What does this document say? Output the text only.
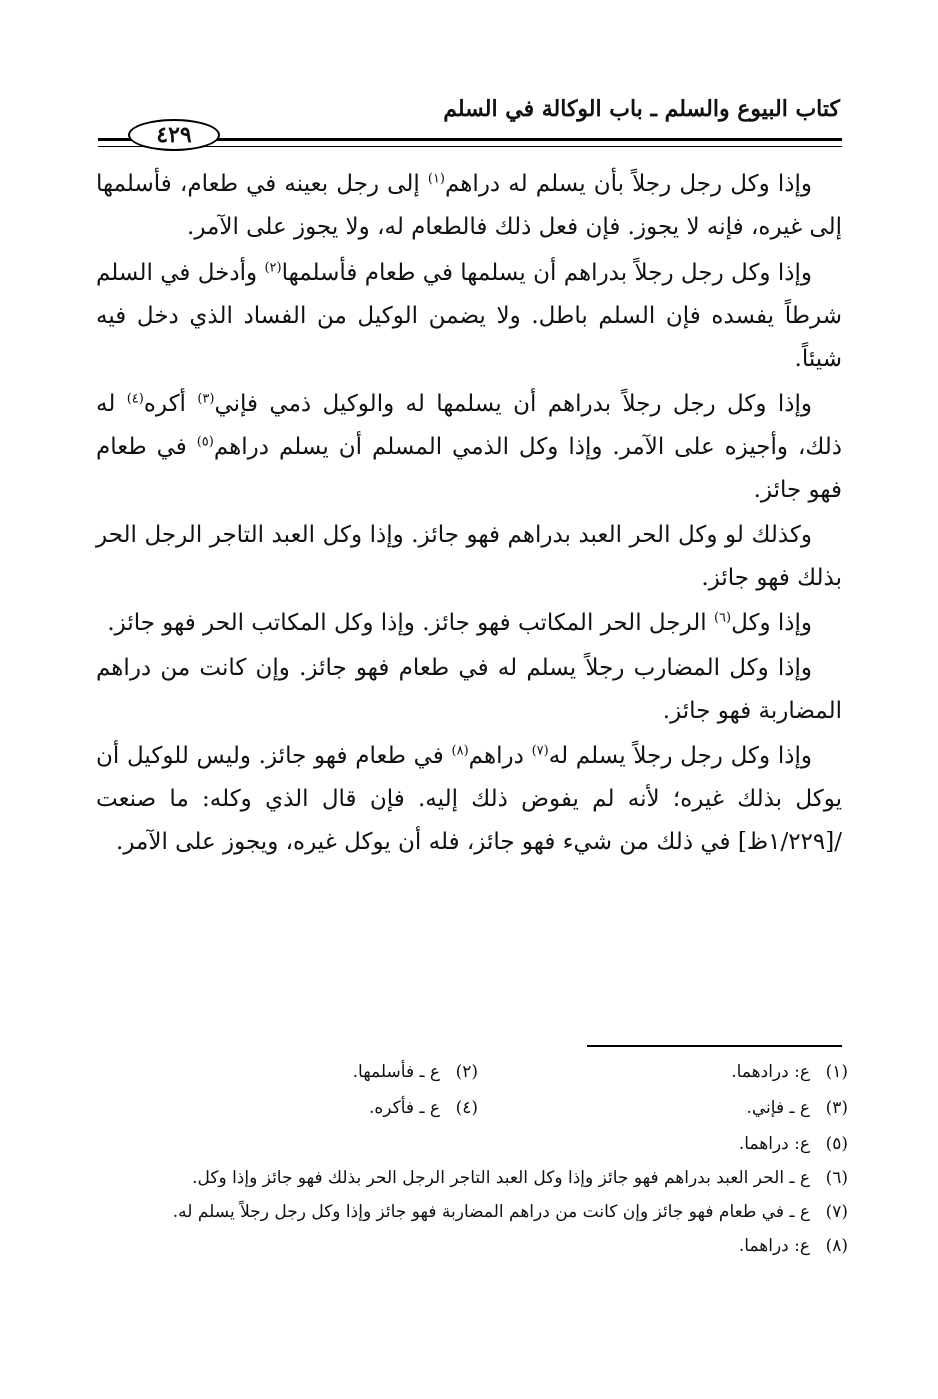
كتاب البيوع والسلم ـ باب الوكالة في السلم
٤٢٩

وإذا وكل رجل رجلاً بأن يسلم له دراهم$^{(١)}$ إلى رجل بعينه في طعام، فأسلمها إلى غيره، فإنه لا يجوز. فإن فعل ذلك فالطعام له، ولا يجوز على الآمر.

وإذا وكل رجل رجلاً بدراهم أن يسلمها في طعام فأسلمها$^{(٢)}$ وأدخل في السلم شرطاً يفسده فإن السلم باطل. ولا يضمن الوكيل من الفساد الذي دخل فيه شيئاً.

وإذا وكل رجل رجلاً بدراهم أن يسلمها له والوكيل ذمي فإني$^{(٣)}$ أكره$^{(٤)}$ له ذلك، وأجيزه على الآمر. وإذا وكل الذمي المسلم أن يسلم دراهم$^{(٥)}$ في طعام فهو جائز.

وكذلك لو وكل الحر العبد بدراهم فهو جائز. وإذا وكل العبد التاجر الرجل الحر بذلك فهو جائز.

وإذا وكل$^{(٦)}$ الرجل الحر المكاتب فهو جائز. وإذا وكل المكاتب الحر فهو جائز.

وإذا وكل المضارب رجلاً يسلم له في طعام فهو جائز. وإن كانت من دراهم المضاربة فهو جائز.

وإذا وكل رجل رجلاً يسلم له$^{(٧)}$ دراهم$^{(٨)}$ في طعام فهو جائز. وليس للوكيل أن يوكل بذلك غيره؛ لأنه لم يفوض ذلك إليه. فإن قال الذي وكله: ما صنعت /[١/٢٢٩ظ] في ذلك من شيء فهو جائز، فله أن يوكل غيره، ويجوز على الآمر.

(١)
ع: درادهما.
(٢)
ع ـ فأسلمها.
(٣)
ع ـ فإني.
(٤)
ع ـ فأكره.
(٥)
ع: دراهما.
(٦)
ع ـ الحر العبد بدراهم فهو جائز وإذا وكل العبد التاجر الرجل الحر بذلك فهو جائز وإذا وكل.
(٧)
ع ـ في طعام فهو جائز وإن كانت من دراهم المضاربة فهو جائز وإذا وكل رجل رجلاً يسلم له.
(٨)
ع: دراهما.
